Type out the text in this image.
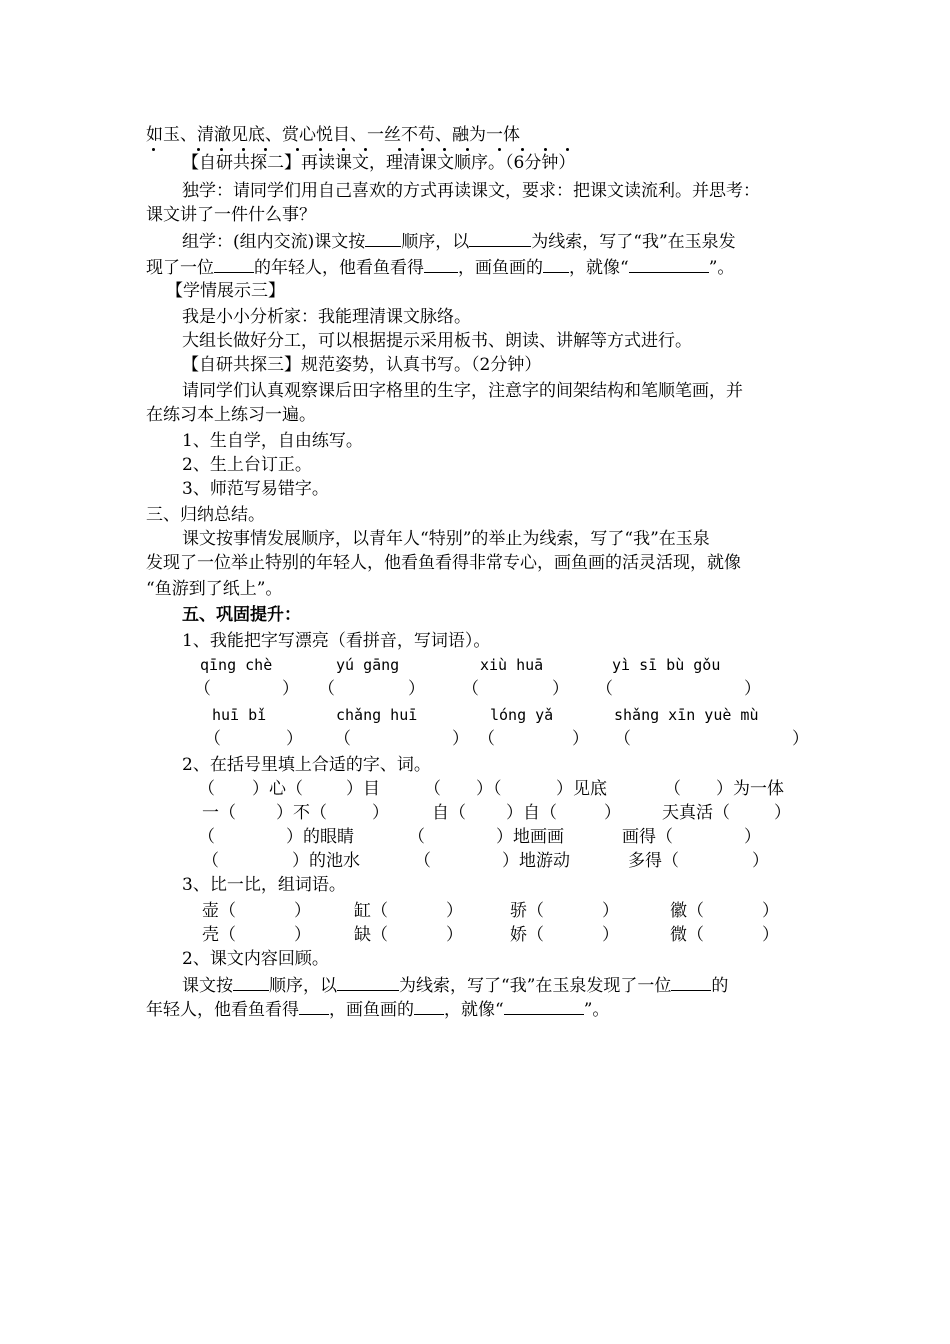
如玉、清澈见底、赏心悦目、一丝不苟、融为一体
【自研共探二】再读课文，理清课文顺序。（6分钟）
独学：请同学们用自己喜欢的方式再读课文，要求：把课文读流利。并思考：
课文讲了一件什么事？
组学：(组内交流)课文按 顺序，以	为线索，写了“我”在玉泉发
现了一位 的年轻人，他看鱼看得 ，画鱼画的 ，就像“	”。
【学情展示三】
我是小小分析家：我能理清课文脉络。
大组长做好分工，可以根据提示采用板书、朗读、讲解等方式进行。
【自研共探三】规范姿势，认真书写。（2分钟）
请同学们认真观察课后田字格里的生字，注意字的间架结构和笔顺笔画，并
在练习本上练习一遍。
1、生自学，自由练写。
2、生上台订正。
3、师范写易错字。
三、归纳总结。
课文按事情发展顺序，以青年人“特别”的举止为线索，写了“我”在玉泉
发现了一位举止特别的年轻人，他看鱼看得非常专心，画鱼画的活灵活现，就像
“鱼游到了纸上”。
五、巩固提升：
1、我能把字写漂亮（看拼音，写词语）。
qīng chè	yú gāng	xiù huā	yì sī bù gǒu
（	） （	） （	） （	）
huī bǐ	chǎng huī	lóng yǎ	shǎng xīn yuè mù
（	） （	） （	） （	）
2、在括号里填上合适的字、词。
（ ）心（	）目	（ ）（	）见底	（ ）为一体
一（ ）不（	）	自（ ）自（	） 天真活（	）
（	）的眼睛	（	）地画画	画得（	）
（	）的池水	（	）地游动	多得（	）
3、比一比，组词语。
壶（	）	缸（	）	骄（	）	徽（	）
壳（	）	缺（	）	娇（	）	微（	）
2、课文内容回顾。
课文按 顺序，以	为线索，写了“我”在玉泉发现了一位 的
年轻人，他看鱼看得 ，画鱼画的 ，就像“	”。
